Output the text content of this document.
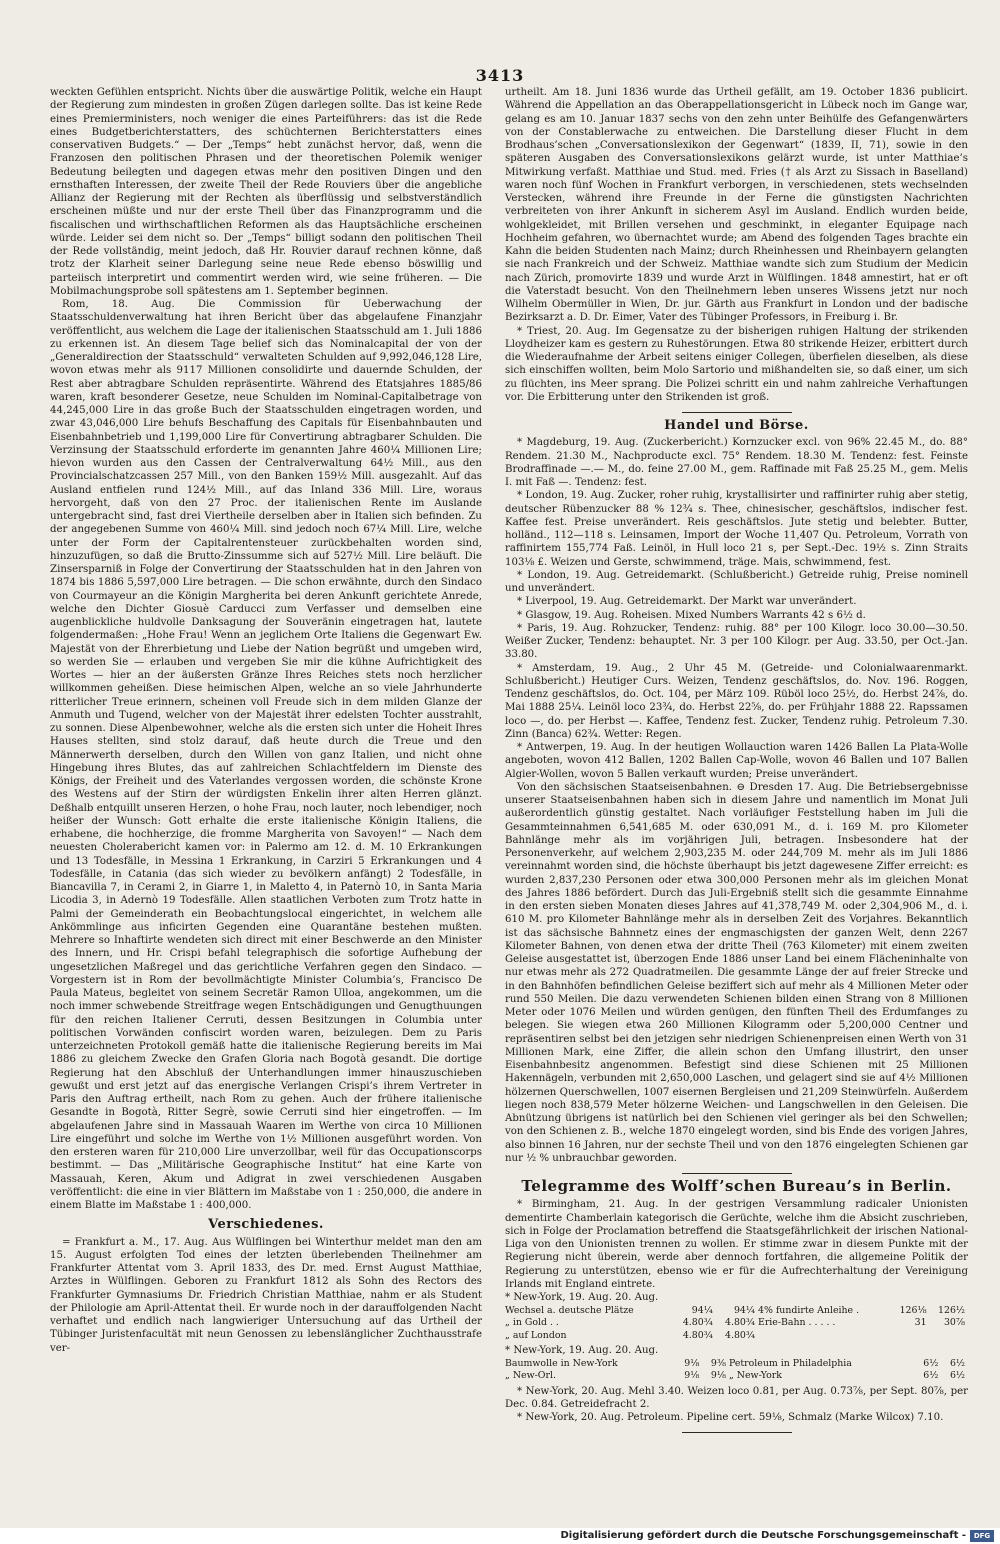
3413

weckten Gefühlen entspricht. Nichts über die auswärtige Politik, welche ein Haupt der Regierung zum mindesten in großen Zügen darlegen sollte. Das ist keine Rede eines Premierministers, noch weniger die eines Parteiführers: das ist die Rede eines Budgetberichterstatters, des schüchternen Berichterstatters eines conservativen Budgets.“ — Der „Temps“ hebt zunächst hervor, daß, wenn die Franzosen den politischen Phrasen und der theoretischen Polemik weniger Bedeutung beilegten und dagegen etwas mehr den positiven Dingen und den ernsthaften Interessen, der zweite Theil der Rede Rouviers über die angebliche Allianz der Regierung mit der Rechten als überflüssig und selbstverständlich erscheinen müßte und nur der erste Theil über das Finanzprogramm und die fiscalischen und wirthschaftlichen Reformen als das Hauptsächliche erscheinen würde. Leider sei dem nicht so. Der „Temps“ billigt sodann den politischen Theil der Rede vollständig, meint jedoch, daß Hr. Rouvier darauf rechnen könne, daß trotz der Klarheit seiner Darlegung seine neue Rede ebenso böswillig und parteiisch interpretirt und commentirt werden wird, wie seine früheren. — Die Mobilmachungsprobe soll spätestens am 1. September beginnen.

Rom, 18. Aug. Die Commission für Ueberwachung der Staatsschuldenverwaltung hat ihren Bericht über das abgelaufene Finanzjahr veröffentlicht, aus welchem die Lage der italienischen Staatsschuld am 1. Juli 1886 zu erkennen ist. An diesem Tage belief sich das Nominalcapital der von der „Generaldirection der Staatsschuld“ verwalteten Schulden auf 9,992,046,128 Lire, wovon etwas mehr als 9117 Millionen consolidirte und dauernde Schulden, der Rest aber abtragbare Schulden repräsentirte. Während des Etatsjahres 1885/86 waren, kraft besonderer Gesetze, neue Schulden im Nominal-Capitalbetrage von 44,245,000 Lire in das große Buch der Staatsschulden eingetragen worden, und zwar 43,046,000 Lire behufs Beschaffung des Capitals für Eisenbahnbauten und Eisenbahnbetrieb und 1,199,000 Lire für Convertirung abtragbarer Schulden. Die Verzinsung der Staatsschuld erforderte im genannten Jahre 460¼ Millionen Lire; hievon wurden aus den Cassen der Centralverwaltung 64½ Mill., aus den Provincialschatzcassen 257 Mill., von den Banken 159½ Mill. ausgezahlt. Auf das Ausland entfielen rund 124½ Mill., auf das Inland 336 Mill. Lire, woraus hervorgeht, daß von den 27 Proc. der italienischen Rente im Auslande untergebracht sind, fast drei Viertheile derselben aber in Italien sich befinden. Zu der angegebenen Summe von 460¼ Mill. sind jedoch noch 67¼ Mill. Lire, welche unter der Form der Capitalrentensteuer zurückbehalten worden sind, hinzuzufügen, so daß die Brutto-Zinssumme sich auf 527½ Mill. Lire beläuft. Die Zinsersparniß in Folge der Convertirung der Staatsschulden hat in den Jahren von 1874 bis 1886 5,597,000 Lire betragen. — Die schon erwähnte, durch den Sindaco von Courmayeur an die Königin Margherita bei deren Ankunft gerichtete Anrede, welche den Dichter Giosuè Carducci zum Verfasser und demselben eine augenblickliche huldvolle Danksagung der Souveränin eingetragen hat, lautete folgendermaßen: „Hohe Frau! Wenn an jeglichem Orte Italiens die Gegenwart Ew. Majestät von der Ehrerbietung und Liebe der Nation begrüßt und umgeben wird, so werden Sie — erlauben und vergeben Sie mir die kühne Aufrichtigkeit des Wortes — hier an der äußersten Gränze Ihres Reiches stets noch herzlicher willkommen geheißen. Diese heimischen Alpen, welche an so viele Jahrhunderte ritterlicher Treue erinnern, scheinen voll Freude sich in dem milden Glanze der Anmuth und Tugend, welcher von der Majestät ihrer edelsten Tochter ausstrahlt, zu sonnen. Diese Alpenbewohner, welche als die ersten sich unter die Hoheit Ihres Hauses stellten, sind stolz darauf, daß heute durch die Treue und den Männerwerth derselben, durch den Willen von ganz Italien, und nicht ohne Hingebung ihres Blutes, das auf zahlreichen Schlachtfeldern im Dienste des Königs, der Freiheit und des Vaterlandes vergossen worden, die schönste Krone des Westens auf der Stirn der würdigsten Enkelin ihrer alten Herren glänzt. Deßhalb entquillt unseren Herzen, o hohe Frau, noch lauter, noch lebendiger, noch heißer der Wunsch: Gott erhalte die erste italienische Königin Italiens, die erhabene, die hochherzige, die fromme Margherita von Savoyen!“ — Nach dem neuesten Cholerabericht kamen vor: in Palermo am 12. d. M. 10 Erkrankungen und 13 Todesfälle, in Messina 1 Erkrankung, in Carziri 5 Erkrankungen und 4 Todesfälle, in Catania (das sich wieder zu bevölkern anfängt) 2 Todesfälle, in Biancavilla 7, in Cerami 2, in Giarre 1, in Maletto 4, in Paternò 10, in Santa Maria Licodia 3, in Adernò 19 Todesfälle. Allen staatlichen Verboten zum Trotz hatte in Palmi der Gemeinderath ein Beobachtungslocal eingerichtet, in welchem alle Ankömmlinge aus inficirten Gegenden eine Quarantäne bestehen mußten. Mehrere so Inhaftirte wendeten sich direct mit einer Beschwerde an den Minister des Innern, und Hr. Crispi befahl telegraphisch die sofortige Aufhebung der ungesetzlichen Maßregel und das gerichtliche Verfahren gegen den Sindaco. — Vorgestern ist in Rom der bevollmächtigte Minister Columbia’s, Francisco De Paula Mateus, begleitet von seinem Secretär Ramon Ulloa, angekommen, um die noch immer schwebende Streitfrage wegen Entschädigungen und Genugthuungen für den reichen Italiener Cerruti, dessen Besitzungen in Columbia unter politischen Vorwänden confiscirt worden waren, beizulegen. Dem zu Paris unterzeichneten Protokoll gemäß hatte die italienische Regierung bereits im Mai 1886 zu gleichem Zwecke den Grafen Gloria nach Bogotà gesandt. Die dortige Regierung hat den Abschluß der Unterhandlungen immer hinauszuschieben gewußt und erst jetzt auf das energische Verlangen Crispi’s ihrem Vertreter in Paris den Auftrag ertheilt, nach Rom zu gehen. Auch der frühere italienische Gesandte in Bogotà, Ritter Segrè, sowie Cerruti sind hier eingetroffen. — Im abgelaufenen Jahre sind in Massauah Waaren im Werthe von circa 10 Millionen Lire eingeführt und solche im Werthe von 1½ Millionen ausgeführt worden. Von den ersteren waren für 210,000 Lire unverzollbar, weil für das Occupationscorps bestimmt. — Das „Militärische Geographische Institut“ hat eine Karte von Massauah, Keren, Akum und Adigrat in zwei verschiedenen Ausgaben veröffentlicht: die eine in vier Blättern im Maßstabe von 1 : 250,000, die andere in einem Blatte im Maßstabe 1 : 400,000.

Verschiedenes.

= Frankfurt a. M., 17. Aug. Aus Wülflingen bei Winterthur meldet man den am 15. August erfolgten Tod eines der letzten überlebenden Theilnehmer am Frankfurter Attentat vom 3. April 1833, des Dr. med. Ernst August Matthiae, Arztes in Wülflingen. Geboren zu Frankfurt 1812 als Sohn des Rectors des Frankfurter Gymnasiums Dr. Friedrich Christian Matthiae, nahm er als Student der Philologie am April-Attentat theil. Er wurde noch in der darauffolgenden Nacht verhaftet und endlich nach langwieriger Untersuchung auf das Urtheil der Tübinger Juristenfacultät mit neun Genossen zu lebenslänglicher Zuchthausstrafe ver-

urtheilt. Am 18. Juni 1836 wurde das Urtheil gefällt, am 19. October 1836 publicirt. Während die Appellation an das Oberappellationsgericht in Lübeck noch im Gange war, gelang es am 10. Januar 1837 sechs von den zehn unter Beihülfe des Gefangenwärters von der Constablerwache zu entweichen. Die Darstellung dieser Flucht in dem Brodhaus’schen „Conversationslexikon der Gegenwart“ (1839, II, 71), sowie in den späteren Ausgaben des Conversationslexikons gelärzt wurde, ist unter Matthiae’s Mitwirkung verfaßt. Matthiae und Stud. med. Fries († als Arzt zu Sissach in Baselland) waren noch fünf Wochen in Frankfurt verborgen, in verschiedenen, stets wechselnden Verstecken, während ihre Freunde in der Ferne die günstigsten Nachrichten verbreiteten von ihrer Ankunft in sicherem Asyl im Ausland. Endlich wurden beide, wohlgekleidet, mit Brillen versehen und geschminkt, in eleganter Equipage nach Hochheim gefahren, wo übernachtet wurde; am Abend des folgenden Tages brachte ein Kahn die beiden Studenten nach Mainz; durch Rheinhessen und Rheinbayern gelangten sie nach Frankreich und der Schweiz. Matthiae wandte sich zum Studium der Medicin nach Zürich, promovirte 1839 und wurde Arzt in Wülflingen. 1848 amnestirt, hat er oft die Vaterstadt besucht. Von den Theilnehmern leben unseres Wissens jetzt nur noch Wilhelm Obermüller in Wien, Dr. jur. Gärth aus Frankfurt in London und der badische Bezirksarzt a. D. Dr. Eimer, Vater des Tübinger Professors, in Freiburg i. Br.

* Triest, 20. Aug. Im Gegensatze zu der bisherigen ruhigen Haltung der strikenden Lloydheizer kam es gestern zu Ruhestörungen. Etwa 80 strikende Heizer, erbittert durch die Wiederaufnahme der Arbeit seitens einiger Collegen, überfielen dieselben, als diese sich einschiffen wollten, beim Molo Sartorio und mißhandelten sie, so daß einer, um sich zu flüchten, ins Meer sprang. Die Polizei schritt ein und nahm zahlreiche Verhaftungen vor. Die Erbitterung unter den Strikenden ist groß.

Handel und Börse.

* Magdeburg, 19. Aug. (Zuckerbericht.) Kornzucker excl. von 96% 22.45 M., do. 88° Rendem. 21.30 M., Nachproducte excl. 75° Rendem. 18.30 M. Tendenz: fest. Feinste Brodraffinade —.— M., do. feine 27.00 M., gem. Raffinade mit Faß 25.25 M., gem. Melis I. mit Faß —. Tendenz: fest.

* London, 19. Aug. Zucker, roher ruhig, krystallisirter und raffinirter ruhig aber stetig, deutscher Rübenzucker 88 % 12¾ s. Thee, chinesischer, geschäftslos, indischer fest. Kaffee fest. Preise unverändert. Reis geschäftslos. Jute stetig und belebter. Butter, holländ., 112—118 s. Leinsamen, Import der Woche 11,407 Qu. Petroleum, Vorrath von raffinirtem 155,774 Faß. Leinöl, in Hull loco 21 s, per Sept.-Dec. 19½ s. Zinn Straits 103⅛ £. Weizen und Gerste, schwimmend, träge. Mais, schwimmend, fest.

* London, 19. Aug. Getreidemarkt. (Schlußbericht.) Getreide ruhig, Preise nominell und unverändert.

* Liverpool, 19. Aug. Getreidemarkt. Der Markt war unverändert.

* Glasgow, 19. Aug. Roheisen. Mixed Numbers Warrants 42 s 6½ d.

* Paris, 19. Aug. Rohzucker, Tendenz: ruhig. 88° per 100 Kilogr. loco 30.00—30.50. Weißer Zucker, Tendenz: behauptet. Nr. 3 per 100 Kilogr. per Aug. 33.50, per Oct.-Jan. 33.80.

* Amsterdam, 19. Aug., 2 Uhr 45 M. (Getreide- und Colonialwaarenmarkt. Schlußbericht.) Heutiger Curs. Weizen, Tendenz geschäftslos, do. Nov. 196. Roggen, Tendenz geschäftslos, do. Oct. 104, per März 109. Rüböl loco 25½, do. Herbst 24⅞, do. Mai 1888 25¼. Leinöl loco 23¾, do. Herbst 22⅝, do. per Frühjahr 1888 22. Rapssamen loco —, do. per Herbst —. Kaffee, Tendenz fest. Zucker, Tendenz ruhig. Petroleum 7.30. Zinn (Banca) 62¾. Wetter: Regen.

* Antwerpen, 19. Aug. In der heutigen Wollauction waren 1426 Ballen La Plata-Wolle angeboten, wovon 412 Ballen, 1202 Ballen Cap-Wolle, wovon 46 Ballen und 107 Ballen Algier-Wollen, wovon 5 Ballen verkauft wurden; Preise unverändert.

Von den sächsischen Staatseisenbahnen. ⊖ Dresden 17. Aug. Die Betriebsergebnisse unserer Staatseisenbahnen haben sich in diesem Jahre und namentlich im Monat Juli außerordentlich günstig gestaltet. Nach vorläufiger Feststellung haben im Juli die Gesammteinnahmen 6,541,685 M. oder 630,091 M., d. i. 169 M. pro Kilometer Bahnlänge mehr als im vorjährigen Juli, betragen. Insbesondere hat der Personenverkehr, auf welchem 2,903,235 M. oder 244,709 M. mehr als im Juli 1886 vereinnahmt worden sind, die höchste überhaupt bis jetzt dagewesene Ziffer erreicht: es wurden 2,837,230 Personen oder etwa 300,000 Personen mehr als im gleichen Monat des Jahres 1886 befördert. Durch das Juli-Ergebniß stellt sich die gesammte Einnahme in den ersten sieben Monaten dieses Jahres auf 41,378,749 M. oder 2,304,906 M., d. i. 610 M. pro Kilometer Bahnlänge mehr als in derselben Zeit des Vorjahres. Bekanntlich ist das sächsische Bahnnetz eines der engmaschigsten der ganzen Welt, denn 2267 Kilometer Bahnen, von denen etwa der dritte Theil (763 Kilometer) mit einem zweiten Geleise ausgestattet ist, überzogen Ende 1886 unser Land bei einem Flächeninhalte von nur etwas mehr als 272 Quadratmeilen. Die gesammte Länge der auf freier Strecke und in den Bahnhöfen befindlichen Geleise beziffert sich auf mehr als 4 Millionen Meter oder rund 550 Meilen. Die dazu verwendeten Schienen bilden einen Strang von 8 Millionen Meter oder 1076 Meilen und würden genügen, den fünften Theil des Erdumfanges zu belegen. Sie wiegen etwa 260 Millionen Kilogramm oder 5,200,000 Centner und repräsentiren selbst bei den jetzigen sehr niedrigen Schienenpreisen einen Werth von 31 Millionen Mark, eine Ziffer, die allein schon den Umfang illustrirt, den unser Eisenbahnbesitz angenommen. Befestigt sind diese Schienen mit 25 Millionen Hakennägeln, verbunden mit 2,650,000 Laschen, und gelagert sind sie auf 4½ Millionen hölzernen Querschwellen, 1007 eisernen Bergleisen und 21,209 Steinwürfeln. Außerdem liegen noch 838,579 Meter hölzerne Weichen- und Langschwellen in den Geleisen. Die Abnützung übrigens ist natürlich bei den Schienen viel geringer als bei den Schwellen; von den Schienen z. B., welche 1870 eingelegt worden, sind bis Ende des vorigen Jahres, also binnen 16 Jahren, nur der sechste Theil und von den 1876 eingelegten Schienen gar nur ½ % unbrauchbar geworden.

Telegramme des Wolff’schen Bureau’s in Berlin.

* Birmingham, 21. Aug. In der gestrigen Versammlung radicaler Unionisten dementirte Chamberlain kategorisch die Gerüchte, welche ihm die Absicht zuschrieben, sich in Folge der Proclamation betreffend die Staatsgefährlichkeit der irischen National-Liga von den Unionisten trennen zu wollen. Er stimme zwar in diesem Punkte mit der Regierung nicht überein, werde aber dennoch fortfahren, die allgemeine Politik der Regierung zu unterstützen, ebenso wie er für die Aufrechterhaltung der Vereinigung Irlands mit England eintrete.

* New-York, 19. Aug. 20. Aug.

Wechsel a. deutsche Plätze	94¼	94¼	4% fundirte Anleihe .	126⅛	126½
„ in Gold . .	4.80¾	4.80¾	Erie-Bahn . . . . .	31	30⅞
„ auf London	4.80¾	4.80¾			

* New-York, 19. Aug. 20. Aug.

Baumwolle in New-York	9⅛	9⅜	Petroleum in Philadelphia	6½	6½
„ New-Orl.	9⅛	9⅛	„ New-York	6½	6½

* New-York, 20. Aug. Mehl 3.40. Weizen loco 0.81, per Aug. 0.73⅞, per Sept. 80⅞, per Dec. 0.84. Getreidefracht 2.

* New-York, 20. Aug. Petroleum. Pipeline cert. 59⅛, Schmalz (Marke Wilcox) 7.10.

Digitalisierung gefördert durch die Deutsche Forschungsgemeinschaft -	DFG
